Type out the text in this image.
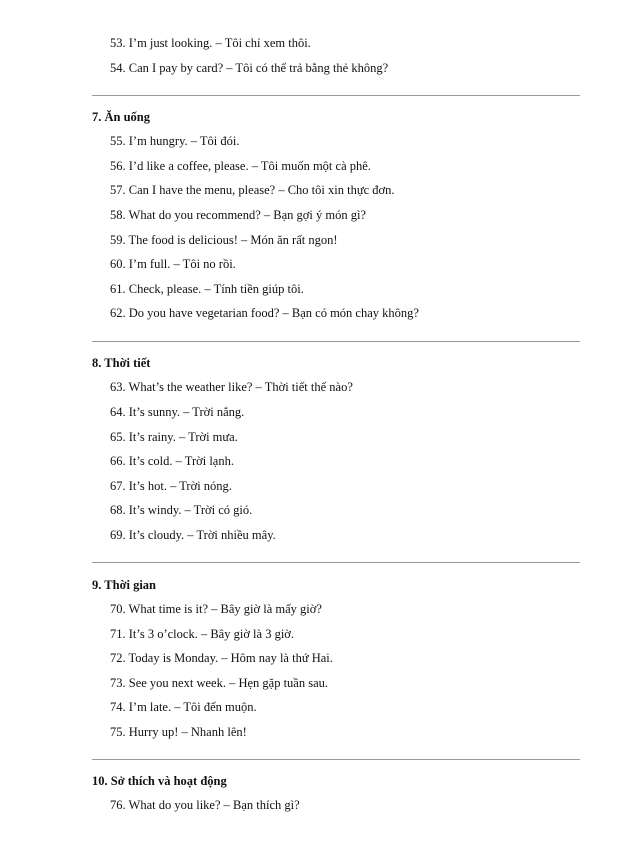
53. I’m just looking. – Tôi chỉ xem thôi.
54. Can I pay by card? – Tôi có thể trả bằng thẻ không?
7. Ăn uống
55. I’m hungry. – Tôi đói.
56. I’d like a coffee, please. – Tôi muốn một cà phê.
57. Can I have the menu, please? – Cho tôi xin thực đơn.
58. What do you recommend? – Bạn gợi ý món gì?
59. The food is delicious! – Món ăn rất ngon!
60. I’m full. – Tôi no rồi.
61. Check, please. – Tính tiền giúp tôi.
62. Do you have vegetarian food? – Bạn có món chay không?
8. Thời tiết
63. What’s the weather like? – Thời tiết thế nào?
64. It’s sunny. – Trời nắng.
65. It’s rainy. – Trời mưa.
66. It’s cold. – Trời lạnh.
67. It’s hot. – Trời nóng.
68. It’s windy. – Trời có gió.
69. It’s cloudy. – Trời nhiều mây.
9. Thời gian
70. What time is it? – Bây giờ là mấy giờ?
71. It’s 3 o’clock. – Bây giờ là 3 giờ.
72. Today is Monday. – Hôm nay là thứ Hai.
73. See you next week. – Hẹn gặp tuần sau.
74. I’m late. – Tôi đến muộn.
75. Hurry up! – Nhanh lên!
10. Sở thích và hoạt động
76. What do you like? – Bạn thích gì?
